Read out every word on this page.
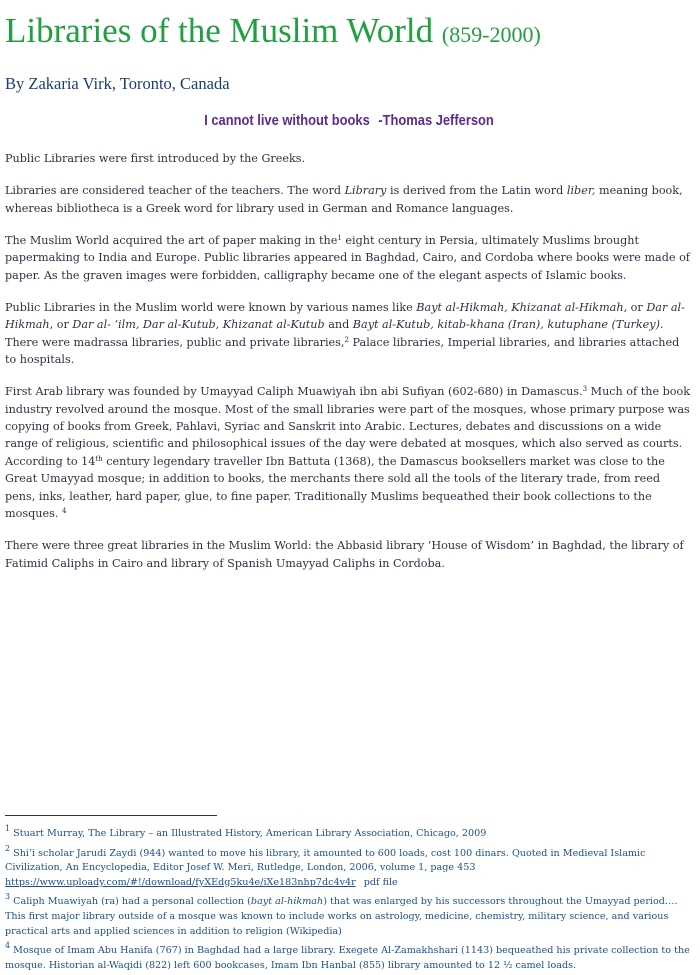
Libraries of the Muslim World (859-2000)

By Zakaria Virk, Toronto, Canada

I cannot live without books -Thomas Jefferson

Public Libraries were first introduced by the Greeks.

Libraries are considered teacher of the teachers. The word Library is derived from the Latin word liber, meaning book, whereas bibliotheca is a Greek word for library used in German and Romance languages.

The Muslim World acquired the art of paper making in the$^1$ eight century in Persia, ultimately Muslims brought papermaking to India and Europe. Public libraries appeared in Baghdad, Cairo, and Cordoba where books were made of paper. As the graven images were forbidden, calligraphy became one of the elegant aspects of Islamic books.

Public Libraries in the Muslim world were known by various names like Bayt al-Hikmah, Khizanat al-Hikmah, or Dar al-Hikmah, or Dar al- ‘ilm, Dar al-Kutub, Khizanat al-Kutub and Bayt al-Kutub, kitab-khana (Iran), kutuphane (Turkey). There were madrassa libraries, public and private libraries,$^2$ Palace libraries, Imperial libraries, and libraries attached to hospitals.

First Arab library was founded by Umayyad Caliph Muawiyah ibn abi Sufiyan (602-680) in Damascus.$^3$ Much of the book industry revolved around the mosque. Most of the small libraries were part of the mosques, whose primary purpose was copying of books from Greek, Pahlavi, Syriac and Sanskrit into Arabic. Lectures, debates and discussions on a wide range of religious, scientific and philosophical issues of the day were debated at mosques, which also served as courts. According to 14th century legendary traveller Ibn Battuta (1368), the Damascus booksellers market was close to the Great Umayyad mosque; in addition to books, the merchants there sold all the tools of the literary trade, from reed pens, inks, leather, hard paper, glue, to fine paper. Traditionally Muslims bequeathed their book collections to the mosques. $^4$

There were three great libraries in the Muslim World: the Abbasid library ‘House of Wisdom’ in Baghdad, the library of Fatimid Caliphs in Cairo and library of Spanish Umayyad Caliphs in Cordoba.

$^1$ Stuart Murray, The Library – an Illustrated History, American Library Association, Chicago, 2009

$^2$ Shi’i scholar Jarudi Zaydi (944) wanted to move his library, it amounted to 600 loads, cost 100 dinars. Quoted in Medieval Islamic Civilization, An Encyclopedia, Editor Josef W. Meri, Rutledge, London, 2006, volume 1, page 453
https://www.uploady.com/#!/download/fyXEdg5ku4e/iXe183nhp7dc4v4r pdf file

$^3$ Caliph Muawiyah (ra) had a personal collection (bayt al-hikmah) that was enlarged by his successors throughout the Umayyad period…. This first major library outside of a mosque was known to include works on astrology, medicine, chemistry, military science, and various practical arts and applied sciences in addition to religion (Wikipedia)

$^4$ Mosque of Imam Abu Hanifa (767) in Baghdad had a large library. Exegete Al-Zamakhshari (1143) bequeathed his private collection to the mosque. Historian al-Waqidi (822) left 600 bookcases, Imam Ibn Hanbal (855) library amounted to 12 ½ camel loads.
